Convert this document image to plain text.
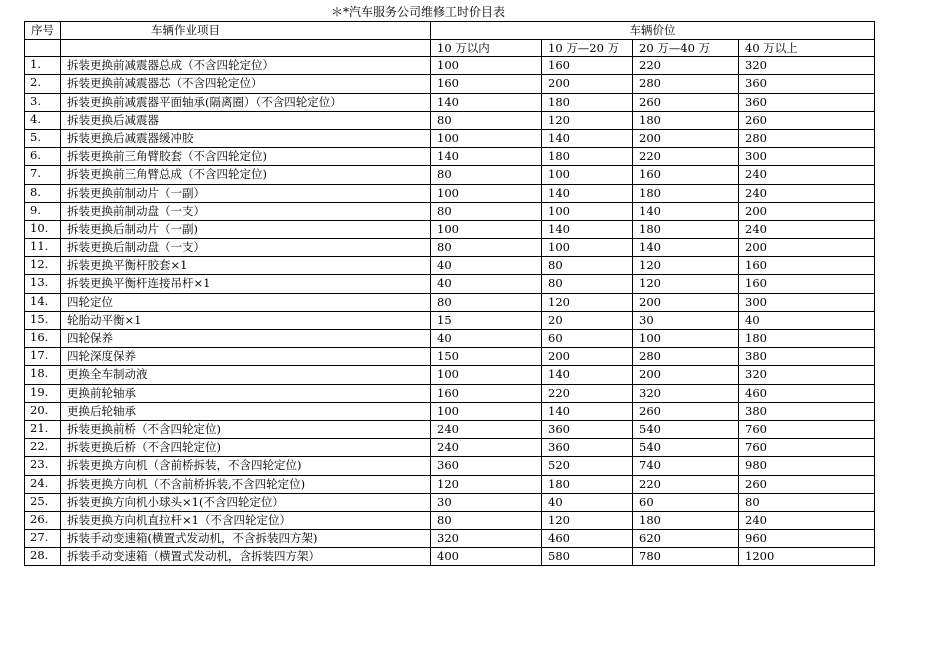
＊*汽车服务公司维修工时价目表
序号	车辆作业项目	车辆价位			
		10 万以内	10 万—20 万	20 万—40 万	40 万以上
1.	拆装更换前减震器总成（不含四轮定位）	100	160	220	320
2.	拆装更换前减震器芯（不含四轮定位）	160	200	280	360
3.	拆装更换前减震器平面轴承(隔离圈）（不含四轮定位）	140	180	260	360
4.	拆装更换后减震器	80	120	180	260
5.	拆装更换后减震器缓冲胶	100	140	200	280
6.	拆装更换前三角臂胶套（不含四轮定位)	140	180	220	300
7.	拆装更换前三角臂总成（不含四轮定位)	80	100	160	240
8.	拆装更换前制动片（一副）	100	140	180	240
9.	拆装更换前制动盘（一支）	80	100	140	200
10.	拆装更换后制动片（一副)	100	140	180	240
11.	拆装更换后制动盘（一支）	80	100	140	200
12.	拆装更换平衡杆胶套×1	40	80	120	160
13.	拆装更换平衡杆连接吊杆×1	40	80	120	160
14.	四轮定位	80	120	200	300
15.	轮胎动平衡×1	15	20	30	40
16.	四轮保养	40	60	100	180
17.	四轮深度保养	150	200	280	380
18.	更换全车制动液	100	140	200	320
19.	更换前轮轴承	160	220	320	460
20.	更换后轮轴承	100	140	260	380
21.	拆装更换前桥（不含四轮定位)	240	360	540	760
22.	拆装更换后桥（不含四轮定位)	240	360	540	760
23.	拆装更换方向机（含前桥拆装，不含四轮定位)	360	520	740	980
24.	拆装更换方向机（不含前桥拆装,不含四轮定位)	120	180	220	260
25.	拆装更换方向机小球头×1(不含四轮定位）	30	40	60	80
26.	拆装更换方向机直拉杆×1（不含四轮定位）	80	120	180	240
27.	拆装手动变速箱(横置式发动机，不含拆装四方架)	320	460	620	960
28.	拆装手动变速箱（横置式发动机，含拆装四方架）	400	580	780	1200
